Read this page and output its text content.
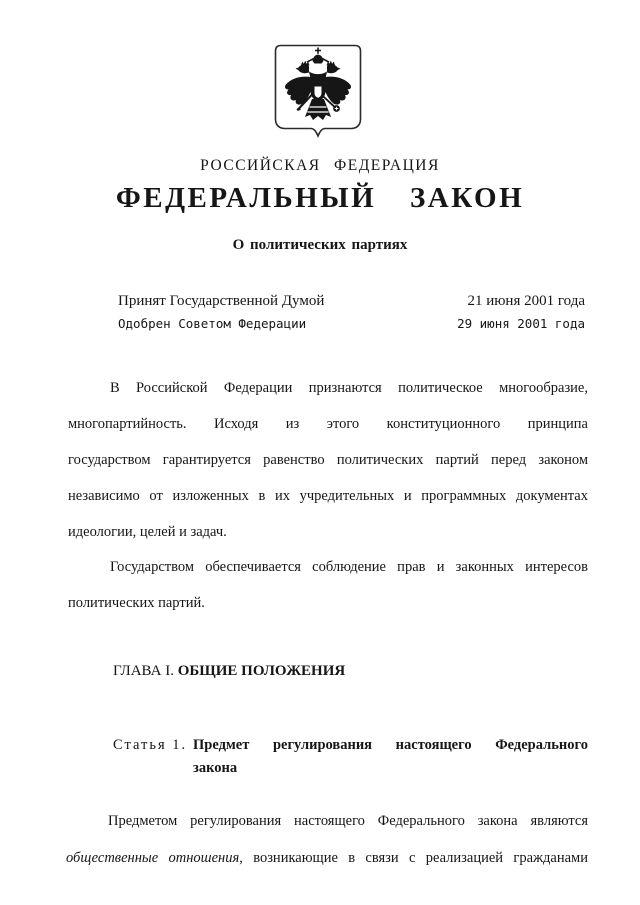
РОССИЙСКАЯ ФЕДЕРАЦИЯ
ФЕДЕРАЛЬНЫЙ ЗАКОН
О политических партиях
Принят Государственной Думой	21 июня 2001 года
Одобрен Советом Федерации	29 июня 2001 года
В Российской Федерации признаются политическое многообразие,
многопартийность. Исходя из этого конституционного принципа
государством гарантируется равенство политических партий перед законом
независимо от изложенных в их учредительных и программных документах
идеологии, целей и задач.
Государством обеспечивается соблюдение прав и законных интересов
политических партий.
ГЛАВА I. ОБЩИЕ ПОЛОЖЕНИЯ
Статья 1. Предмет регулирования настоящего Федерального
закона
Предметом регулирования настоящего Федерального закона являются
общественные отношения, возникающие в связи с реализацией гражданами
